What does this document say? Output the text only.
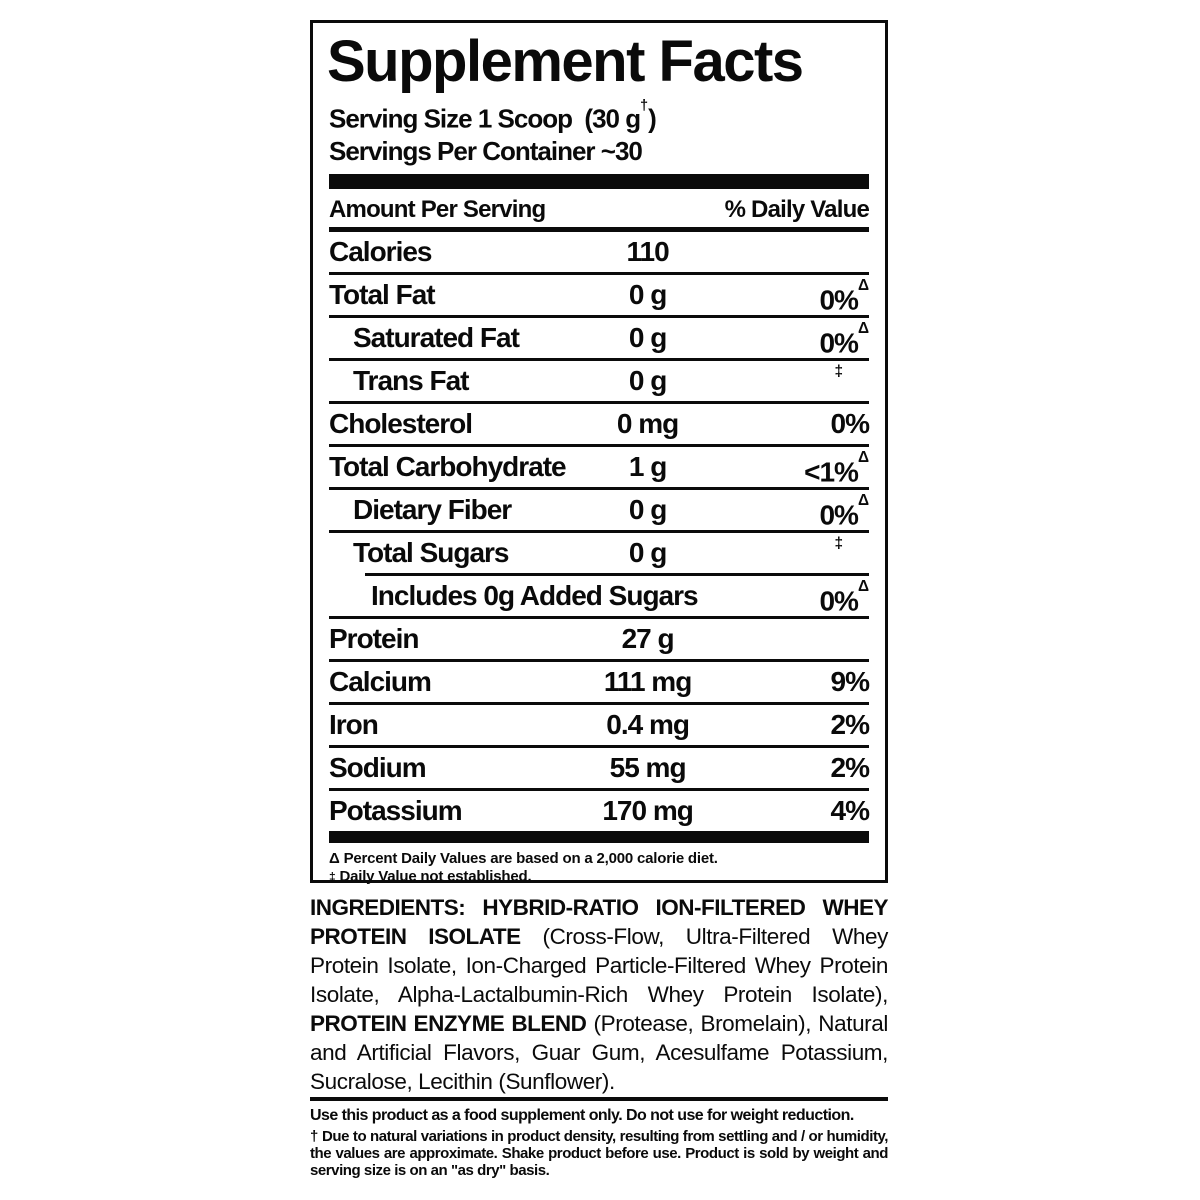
Supplement Facts
Serving Size 1 Scoop  (30 g†)
Servings Per Container ~30
Amount Per Serving	% Daily Value
Calories	110
Total Fat	0 g	0%$^\Delta$
Saturated Fat	0 g	0%$^\Delta$
Trans Fat	0 g	‡
Cholesterol	0 mg	0%
Total Carbohydrate 1 g	<1%$^\Delta$
Dietary Fiber	0 g	0%$^\Delta$
Total Sugars	0 g	‡
Includes 0g Added Sugars	0%$^\Delta$
Protein	27 g
Calcium	111 mg	9%
Iron	0.4 mg	2%
Sodium	55 mg	2%
Potassium	170 mg	4%
Δ Percent Daily Values are based on a 2,000 calorie diet.
‡ Daily Value not established.

INGREDIENTS: HYBRID-RATIO ION-FILTERED WHEY PROTEIN ISOLATE (Cross-Flow, Ultra-Filtered Whey Protein Isolate, Ion-Charged Particle-Filtered Whey Protein Isolate, Alpha-Lactalbumin-Rich Whey Protein Isolate), PROTEIN ENZYME BLEND (Protease, Bromelain), Natural and Artificial Flavors, Guar Gum, Acesulfame Potassium, Sucralose, Lecithin (Sunflower).

Use this product as a food supplement only. Do not use for weight reduction.

† Due to natural variations in product density, resulting from settling and / or humidity, the values are approximate. Shake product before use. Product is sold by weight and serving size is on an "as dry" basis.
